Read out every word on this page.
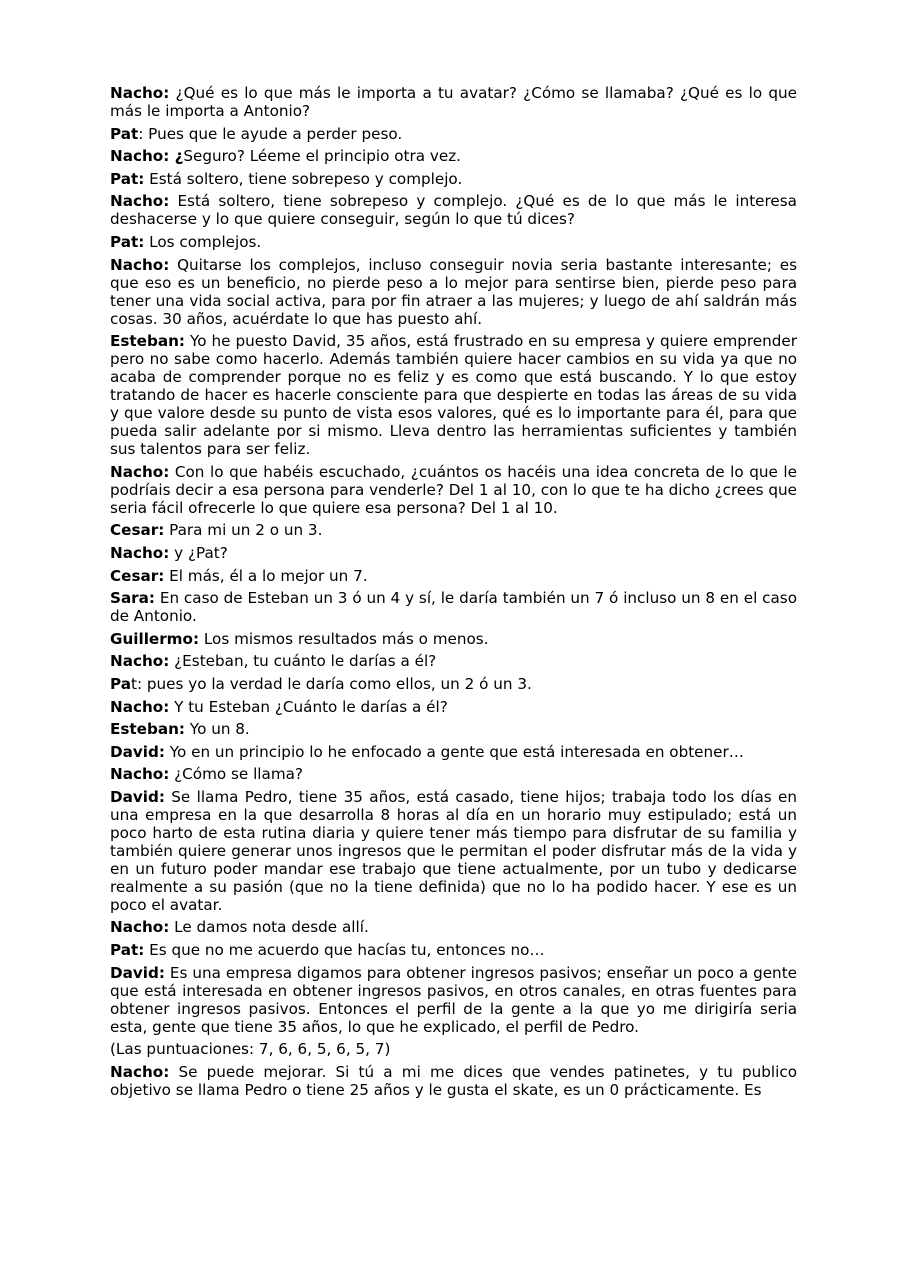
Nacho: ¿Qué es lo que más le importa a tu avatar? ¿Cómo se llamaba? ¿Qué es lo que más le importa a Antonio?

Pat: Pues que le ayude a perder peso.

Nacho: ¿Seguro? Léeme el principio otra vez.

Pat: Está soltero, tiene sobrepeso y complejo.

Nacho: Está soltero, tiene sobrepeso y complejo. ¿Qué es de lo que más le interesa deshacerse y lo que quiere conseguir, según lo que tú dices?

Pat: Los complejos.

Nacho: Quitarse los complejos, incluso conseguir novia seria bastante interesante; es que eso es un beneficio, no pierde peso a lo mejor para sentirse bien, pierde peso para tener una vida social activa, para por fin atraer a las mujeres; y luego de ahí saldrán más cosas. 30 años, acuérdate lo que has puesto ahí.

Esteban: Yo he puesto David, 35 años, está frustrado en su empresa y quiere emprender pero no sabe como hacerlo. Además también quiere hacer cambios en su vida ya que no acaba de comprender porque no es feliz y es como que está buscando. Y lo que estoy tratando de hacer es hacerle consciente para que despierte en todas las áreas de su vida y que valore desde su punto de vista esos valores, qué es lo importante para él, para que pueda salir adelante por si mismo. Lleva dentro las herramientas suficientes y también sus talentos para ser feliz.

Nacho: Con lo que habéis escuchado, ¿cuántos os hacéis una idea concreta de lo que le podríais decir a esa persona para venderle? Del 1 al 10, con lo que te ha dicho ¿crees que seria fácil ofrecerle lo que quiere esa persona? Del 1 al 10.

Cesar: Para mi un 2 o un 3.

Nacho: y ¿Pat?

Cesar: El más, él a lo mejor un 7.

Sara: En caso de Esteban un 3 ó un 4 y sí, le daría también un 7 ó incluso un 8 en el caso de Antonio.

Guillermo: Los mismos resultados más o menos.

Nacho: ¿Esteban, tu cuánto le darías a él?

Pat: pues yo la verdad le daría como ellos, un 2 ó un 3.

Nacho: Y tu Esteban ¿Cuánto le darías a él?

Esteban: Yo un 8.

David: Yo en un principio lo he enfocado a gente que está interesada en obtener…

Nacho: ¿Cómo se llama?

David: Se llama Pedro, tiene 35 años, está casado, tiene hijos; trabaja todo los días en una empresa en la que desarrolla 8 horas al día en un horario muy estipulado; está un poco harto de esta rutina diaria y quiere tener más tiempo para disfrutar de su familia y también quiere generar unos ingresos que le permitan el poder disfrutar más de la vida y en un futuro poder mandar ese trabajo que tiene actualmente, por un tubo y dedicarse realmente a su pasión (que no la tiene definida) que no lo ha podido hacer. Y ese es un poco el avatar.

Nacho: Le damos nota desde allí.

Pat: Es que no me acuerdo que hacías tu, entonces no…

David: Es una empresa digamos para obtener ingresos pasivos; enseñar un poco a gente que está interesada en obtener ingresos pasivos, en otros canales, en otras fuentes para obtener ingresos pasivos. Entonces el perfil de la gente a la que yo me dirigiría seria esta, gente que tiene 35 años, lo que he explicado, el perfil de Pedro.

(Las puntuaciones: 7, 6, 6, 5, 6, 5, 7)

Nacho: Se puede mejorar. Si tú a mi me dices que vendes patinetes, y tu publico objetivo se llama Pedro o tiene 25 años y le gusta el skate, es un 0 prácticamente. Es
